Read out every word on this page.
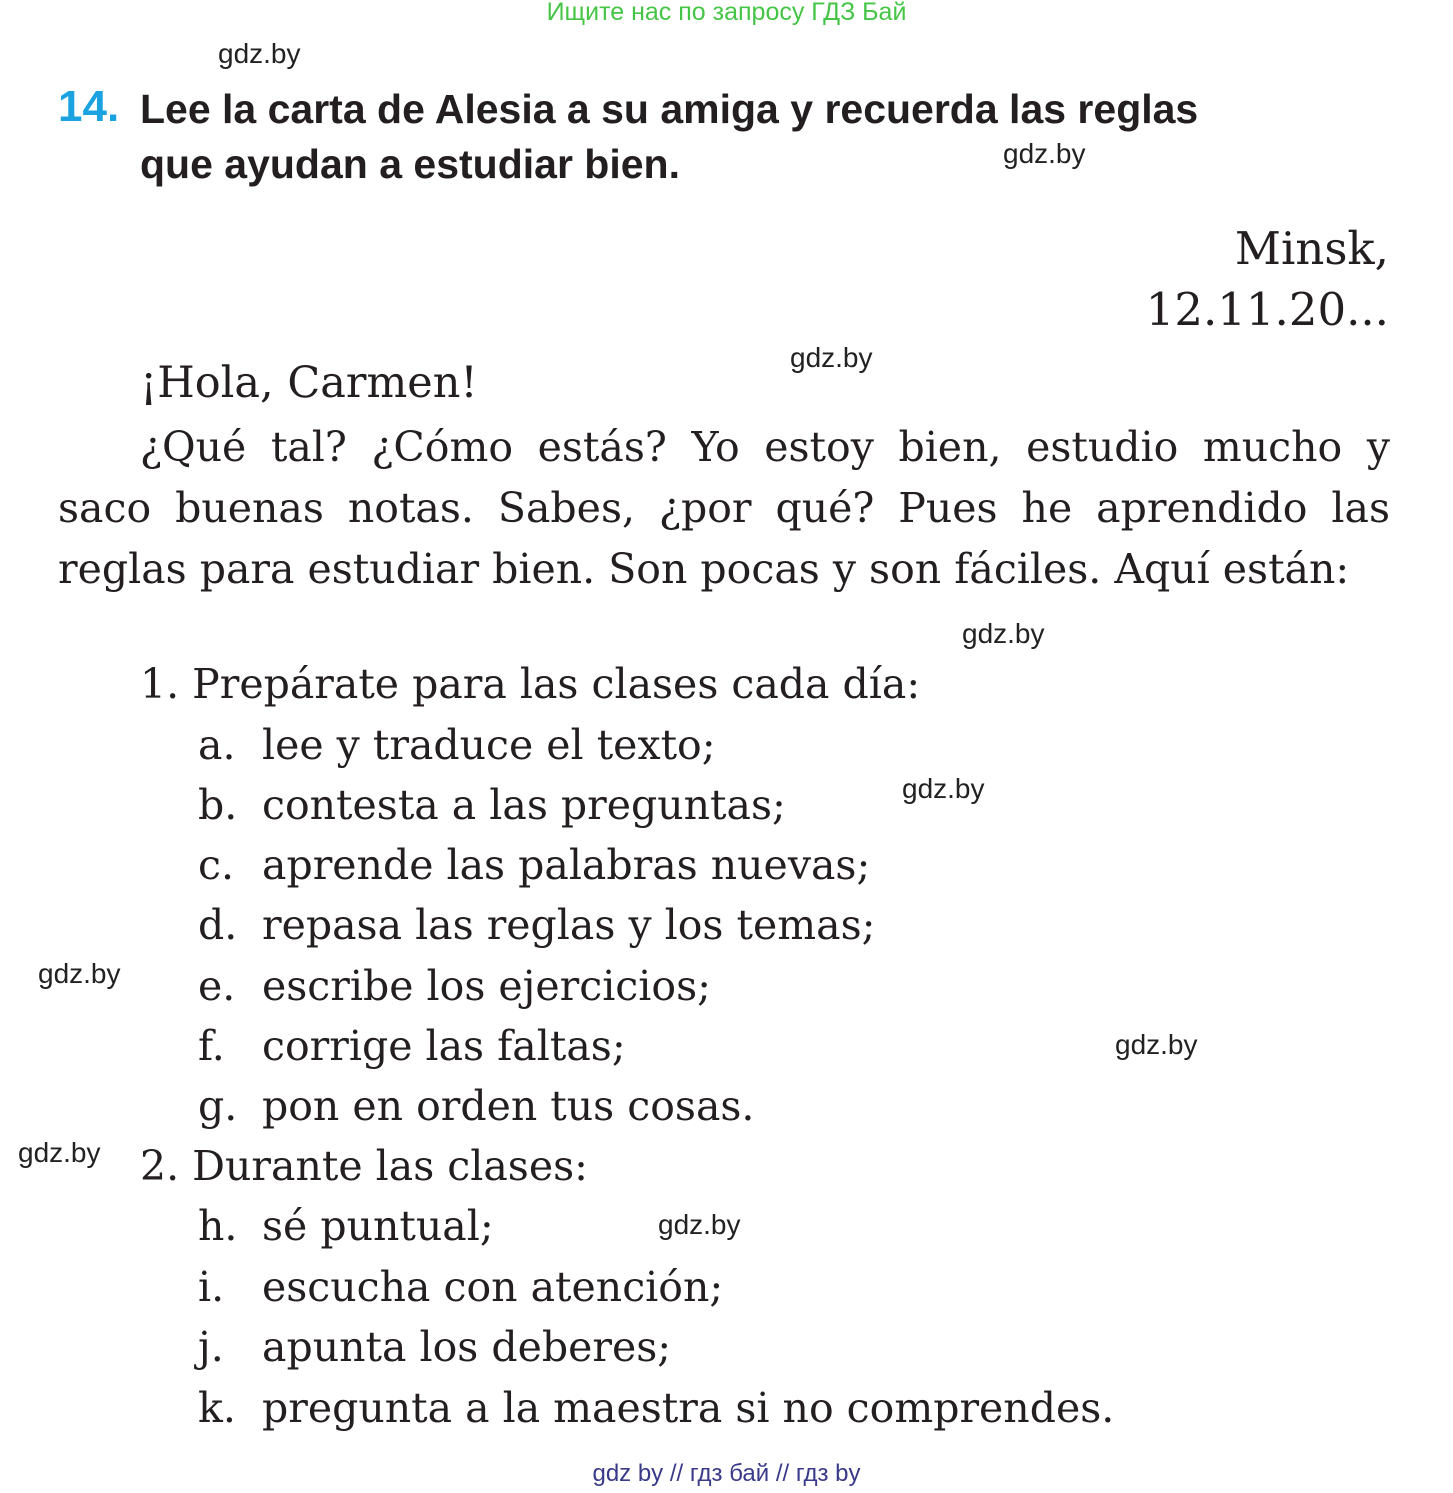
Ищите нас по запросу ГДЗ Бай
gdz.by
gdz.by
gdz.by
gdz.by
gdz.by
gdz.by
gdz.by
gdz.by
gdz.by
14. Lee la carta de Alesia a su amiga y recuerda las reglas
que ayudan a estudiar bien.
Minsk,
12.11.20...
¡Hola, Carmen!

¿Qué tal? ¿Cómo estás? Yo estoy bien, estudio mucho y saco buenas notas. Sabes, ¿por qué? Pues he aprendido las reglas para estudiar bien. Son pocas y son fáciles. Aquí están:

1. Prepárate para las clases cada día:
a. lee y traduce el texto;
b. contesta a las preguntas;
c. aprende las palabras nuevas;
d. repasa las reglas y los temas;
e. escribe los ejercicios;
f. corrige las faltas;
g. pon en orden tus cosas.
2. Durante las clases:
h. sé puntual;
i. escucha con atención;
j. apunta los deberes;
k. pregunta a la maestra si no comprendes.
gdz by // гдз бай // гдз by
